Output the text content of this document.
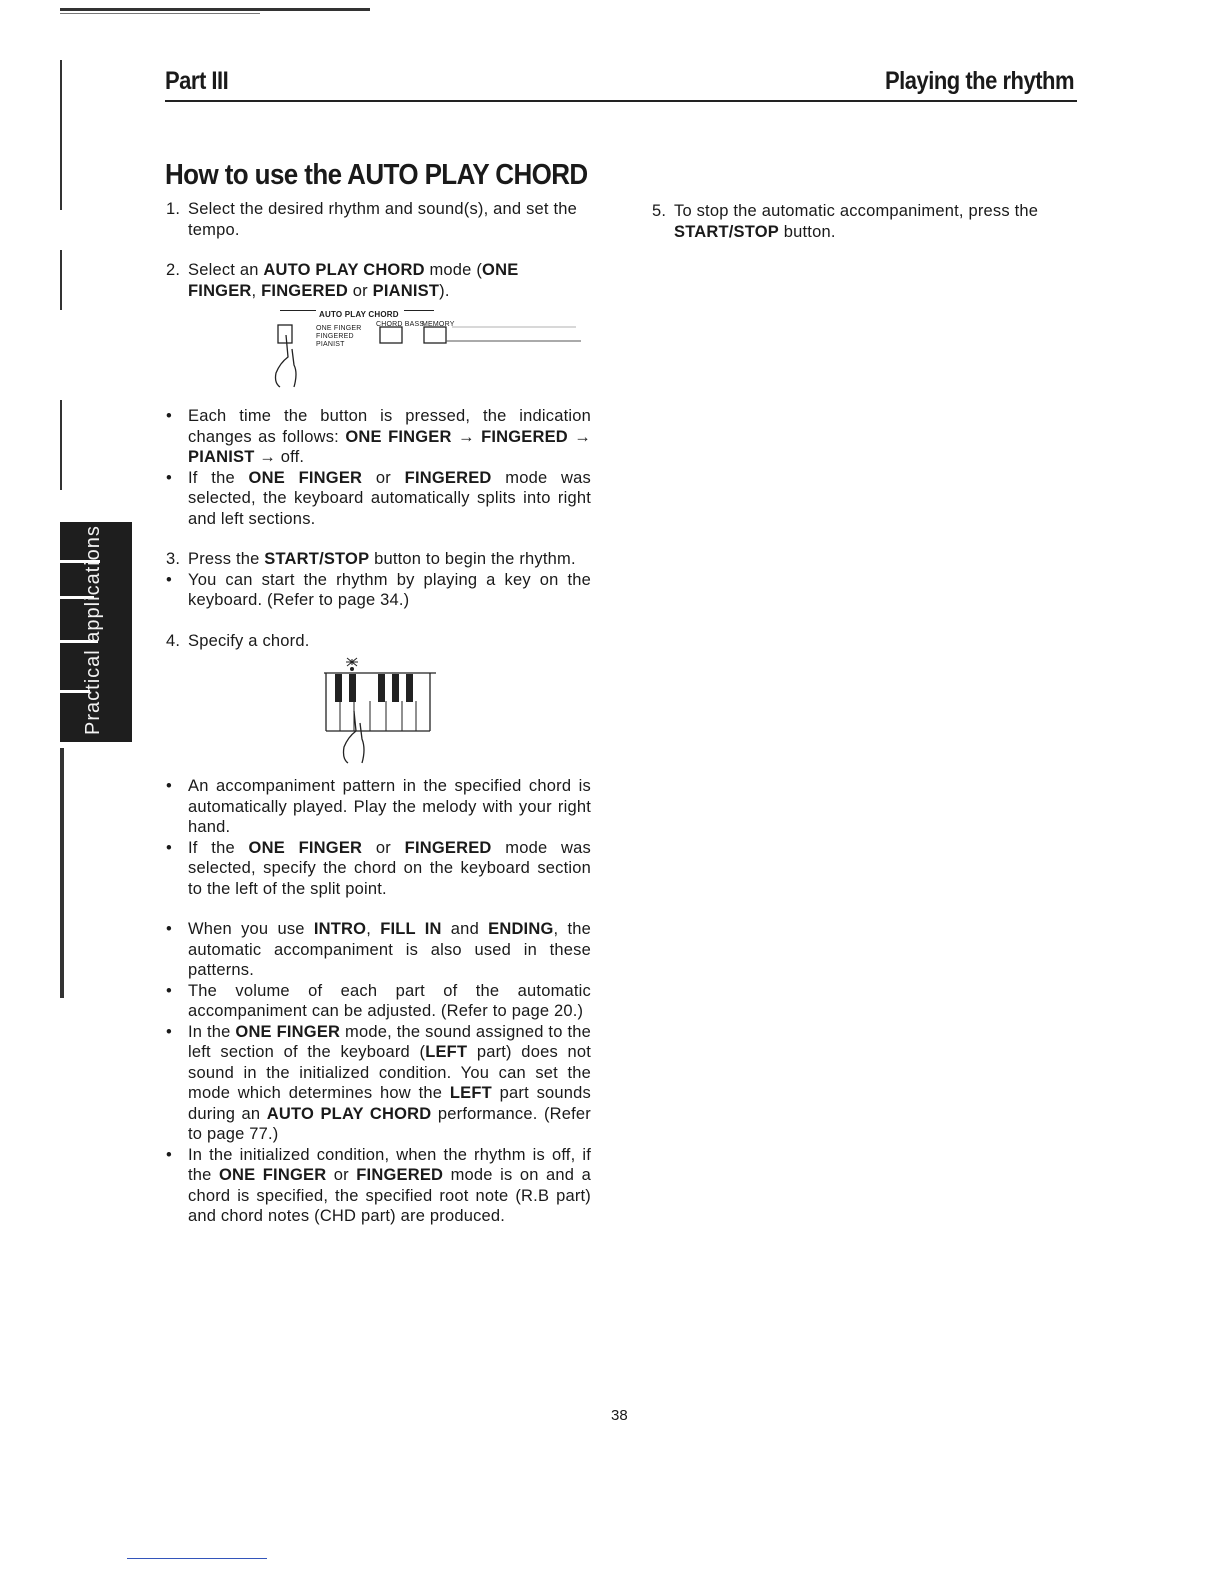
Part III	Playing the rhythm
How to use the AUTO PLAY CHORD
1. Select the desired rhythm and sound(s), and set the tempo.
2. Select an AUTO PLAY CHORD mode (ONE FINGER, FINGERED or PIANIST).
AUTO PLAY CHORD
ONE FINGER
FINGERED
PIANIST
CHORD BASS
MEMORY
• Each time the button is pressed, the indication changes as follows: ONE FINGER → FINGERED → PIANIST → off.
• If the ONE FINGER or FINGERED mode was selected, the keyboard automatically splits into right and left sections.
3. Press the START/STOP button to begin the rhythm.
• You can start the rhythm by playing a key on the keyboard. (Refer to page 34.)
4. Specify a chord.
• An accompaniment pattern in the specified chord is automatically played. Play the melody with your right hand.
• If the ONE FINGER or FINGERED mode was selected, specify the chord on the keyboard section to the left of the split point.
• When you use INTRO, FILL IN and ENDING, the automatic accompaniment is also used in these patterns.
• The volume of each part of the automatic accompaniment can be adjusted. (Refer to page 20.)
• In the ONE FINGER mode, the sound assigned to the left section of the keyboard (LEFT part) does not sound in the initialized condition. You can set the mode which determines how the LEFT part sounds during an AUTO PLAY CHORD performance. (Refer to page 77.)
• In the initialized condition, when the rhythm is off, if the ONE FINGER or FINGERED mode is on and a chord is specified, the specified root note (R.B part) and chord notes (CHD part) are produced.
5. To stop the automatic accompaniment, press the START/STOP button.
Practical applications
38
